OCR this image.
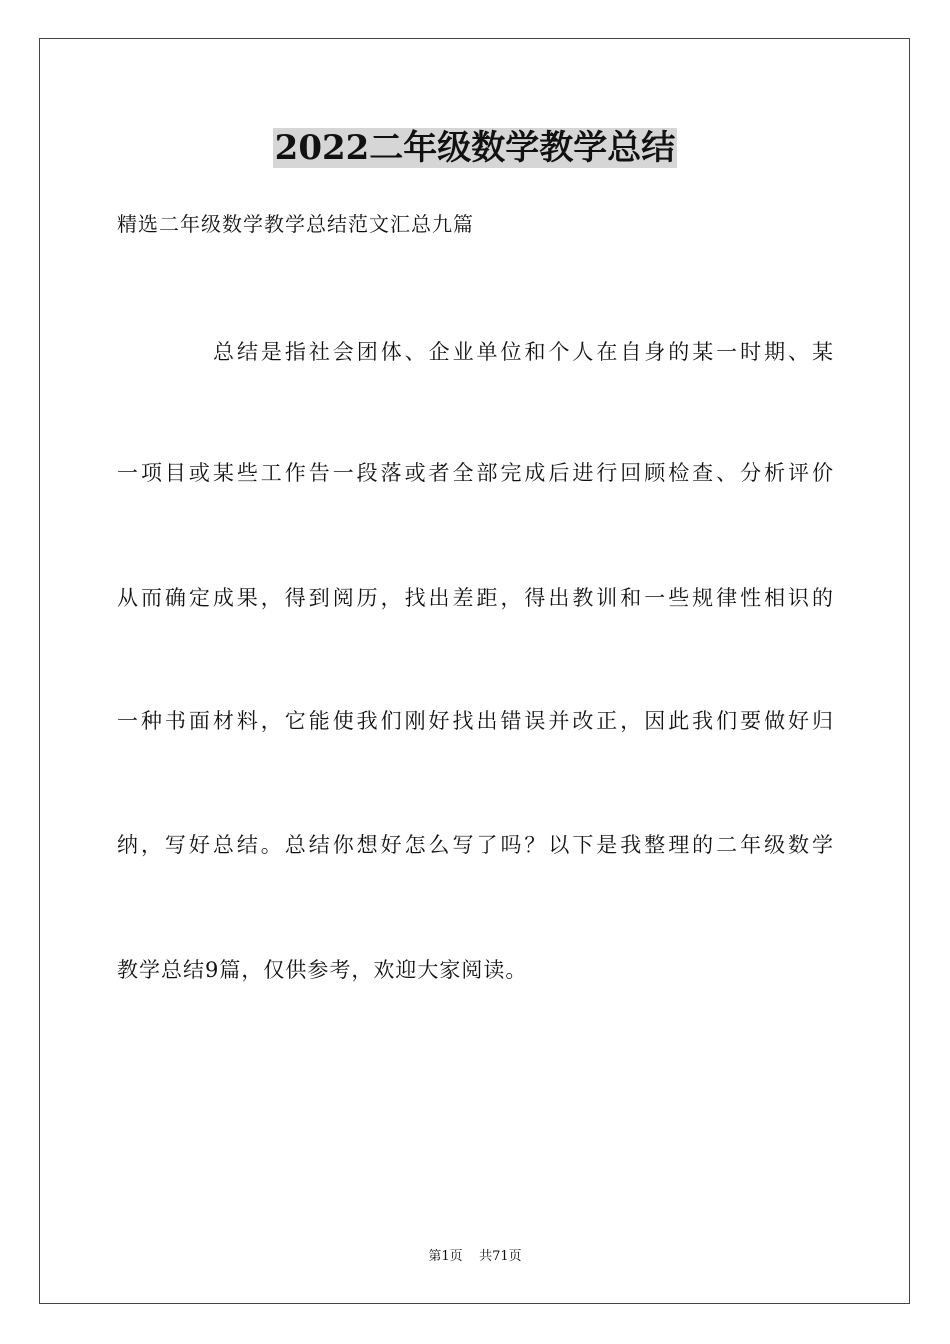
2022二年级数学教学总结
精选二年级数学教学总结范文汇总九篇
总结是指社会团体、企业单位和个人在自身的某一时期、某
一项目或某些工作告一段落或者全部完成后进行回顾检查、分析评价
从而确定成果，得到阅历，找出差距，得出教训和一些规律性相识的
一种书面材料，它能使我们刚好找出错误并改正，因此我们要做好归
纳，写好总结。总结你想好怎么写了吗？以下是我整理的二年级数学
教学总结9篇，仅供参考，欢迎大家阅读。
第1页    共71页
